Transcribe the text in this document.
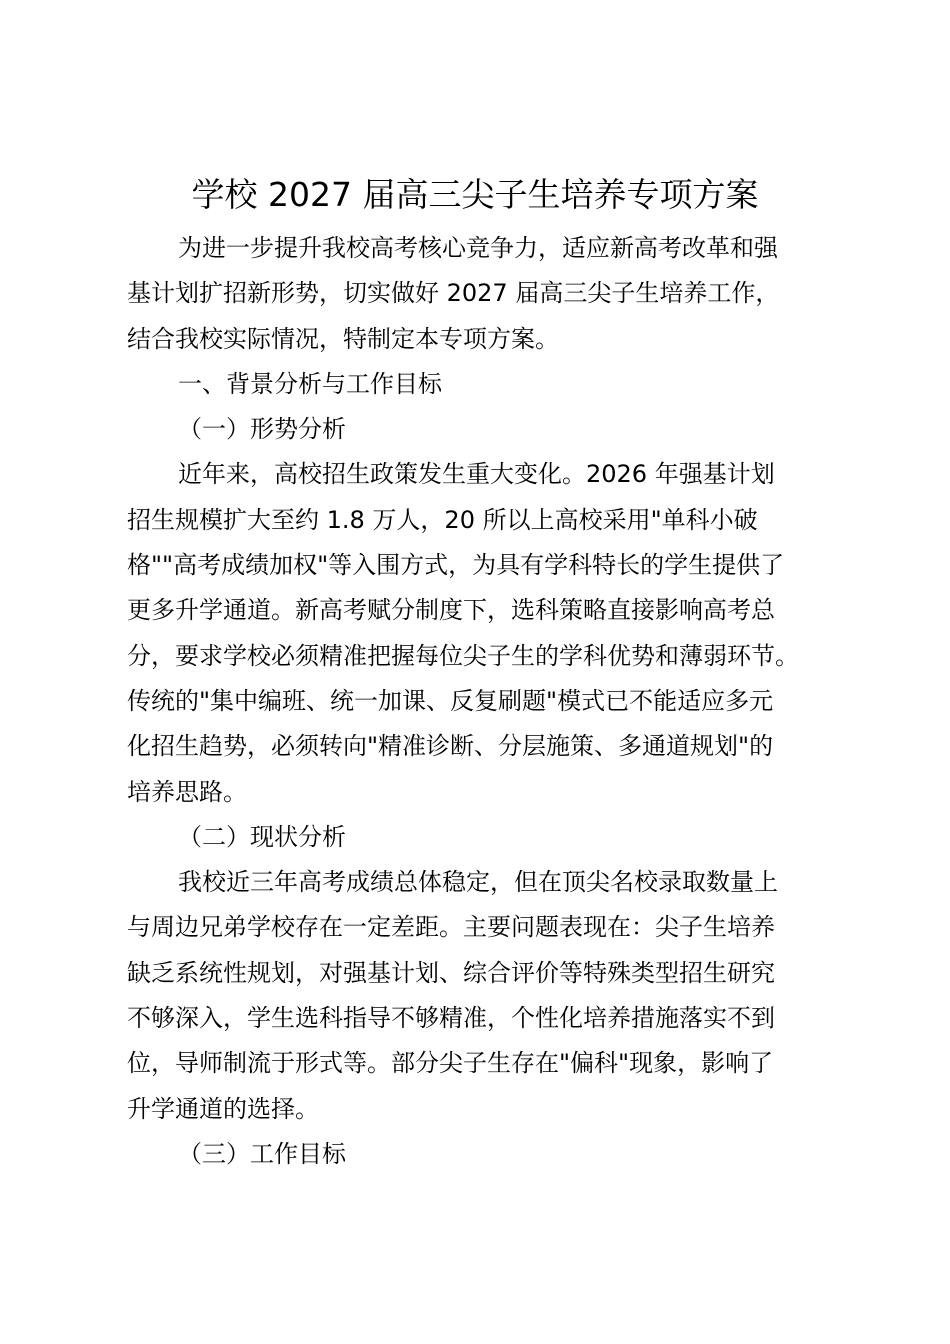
学校 2027 届高三尖子生培养专项方案
为进一步提升我校高考核心竞争力，适应新高考改革和强
基计划扩招新形势，切实做好 2027 届高三尖子生培养工作，
结合我校实际情况，特制定本专项方案。
一、背景分析与工作目标
（一）形势分析
近年来，高校招生政策发生重大变化。2026 年强基计划
招生规模扩大至约 1.8 万人，20 所以上高校采用"单科小破
格""高考成绩加权"等入围方式，为具有学科特长的学生提供了
更多升学通道。新高考赋分制度下，选科策略直接影响高考总
分，要求学校必须精准把握每位尖子生的学科优势和薄弱环节。
传统的"集中编班、统一加课、反复刷题"模式已不能适应多元
化招生趋势，必须转向"精准诊断、分层施策、多通道规划"的
培养思路。
（二）现状分析
我校近三年高考成绩总体稳定，但在顶尖名校录取数量上
与周边兄弟学校存在一定差距。主要问题表现在：尖子生培养
缺乏系统性规划，对强基计划、综合评价等特殊类型招生研究
不够深入，学生选科指导不够精准，个性化培养措施落实不到
位，导师制流于形式等。部分尖子生存在"偏科"现象，影响了
升学通道的选择。
（三）工作目标
